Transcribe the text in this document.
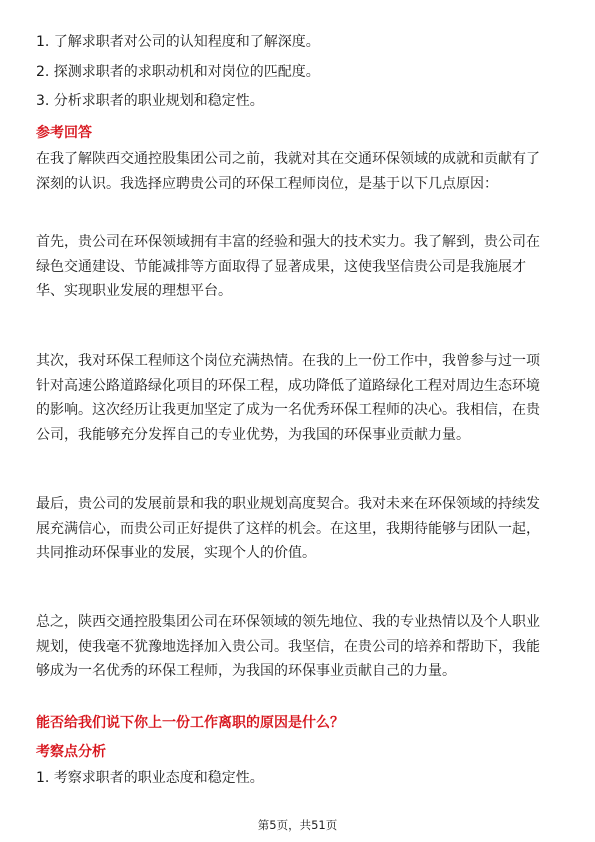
1. 了解求职者对公司的认知程度和了解深度。

2. 探测求职者的求职动机和对岗位的匹配度。

3. 分析求职者的职业规划和稳定性。

参考回答

在我了解陕西交通控股集团公司之前，我就对其在交通环保领域的成就和贡献有了

深刻的认识。我选择应聘贵公司的环保工程师岗位，是基于以下几点原因：

首先，贵公司在环保领域拥有丰富的经验和强大的技术实力。我了解到，贵公司在

绿色交通建设、节能减排等方面取得了显著成果，这使我坚信贵公司是我施展才

华、实现职业发展的理想平台。

其次，我对环保工程师这个岗位充满热情。在我的上一份工作中，我曾参与过一项

针对高速公路道路绿化项目的环保工程，成功降低了道路绿化工程对周边生态环境

的影响。这次经历让我更加坚定了成为一名优秀环保工程师的决心。我相信，在贵

公司，我能够充分发挥自己的专业优势，为我国的环保事业贡献力量。

最后，贵公司的发展前景和我的职业规划高度契合。我对未来在环保领域的持续发

展充满信心，而贵公司正好提供了这样的机会。在这里，我期待能够与团队一起，

共同推动环保事业的发展，实现个人的价值。

总之，陕西交通控股集团公司在环保领域的领先地位、我的专业热情以及个人职业

规划，使我毫不犹豫地选择加入贵公司。我坚信，在贵公司的培养和帮助下，我能

够成为一名优秀的环保工程师，为我国的环保事业贡献自己的力量。

能否给我们说下你上一份工作离职的原因是什么？

考察点分析

1. 考察求职者的职业态度和稳定性。

第5页，共51页
